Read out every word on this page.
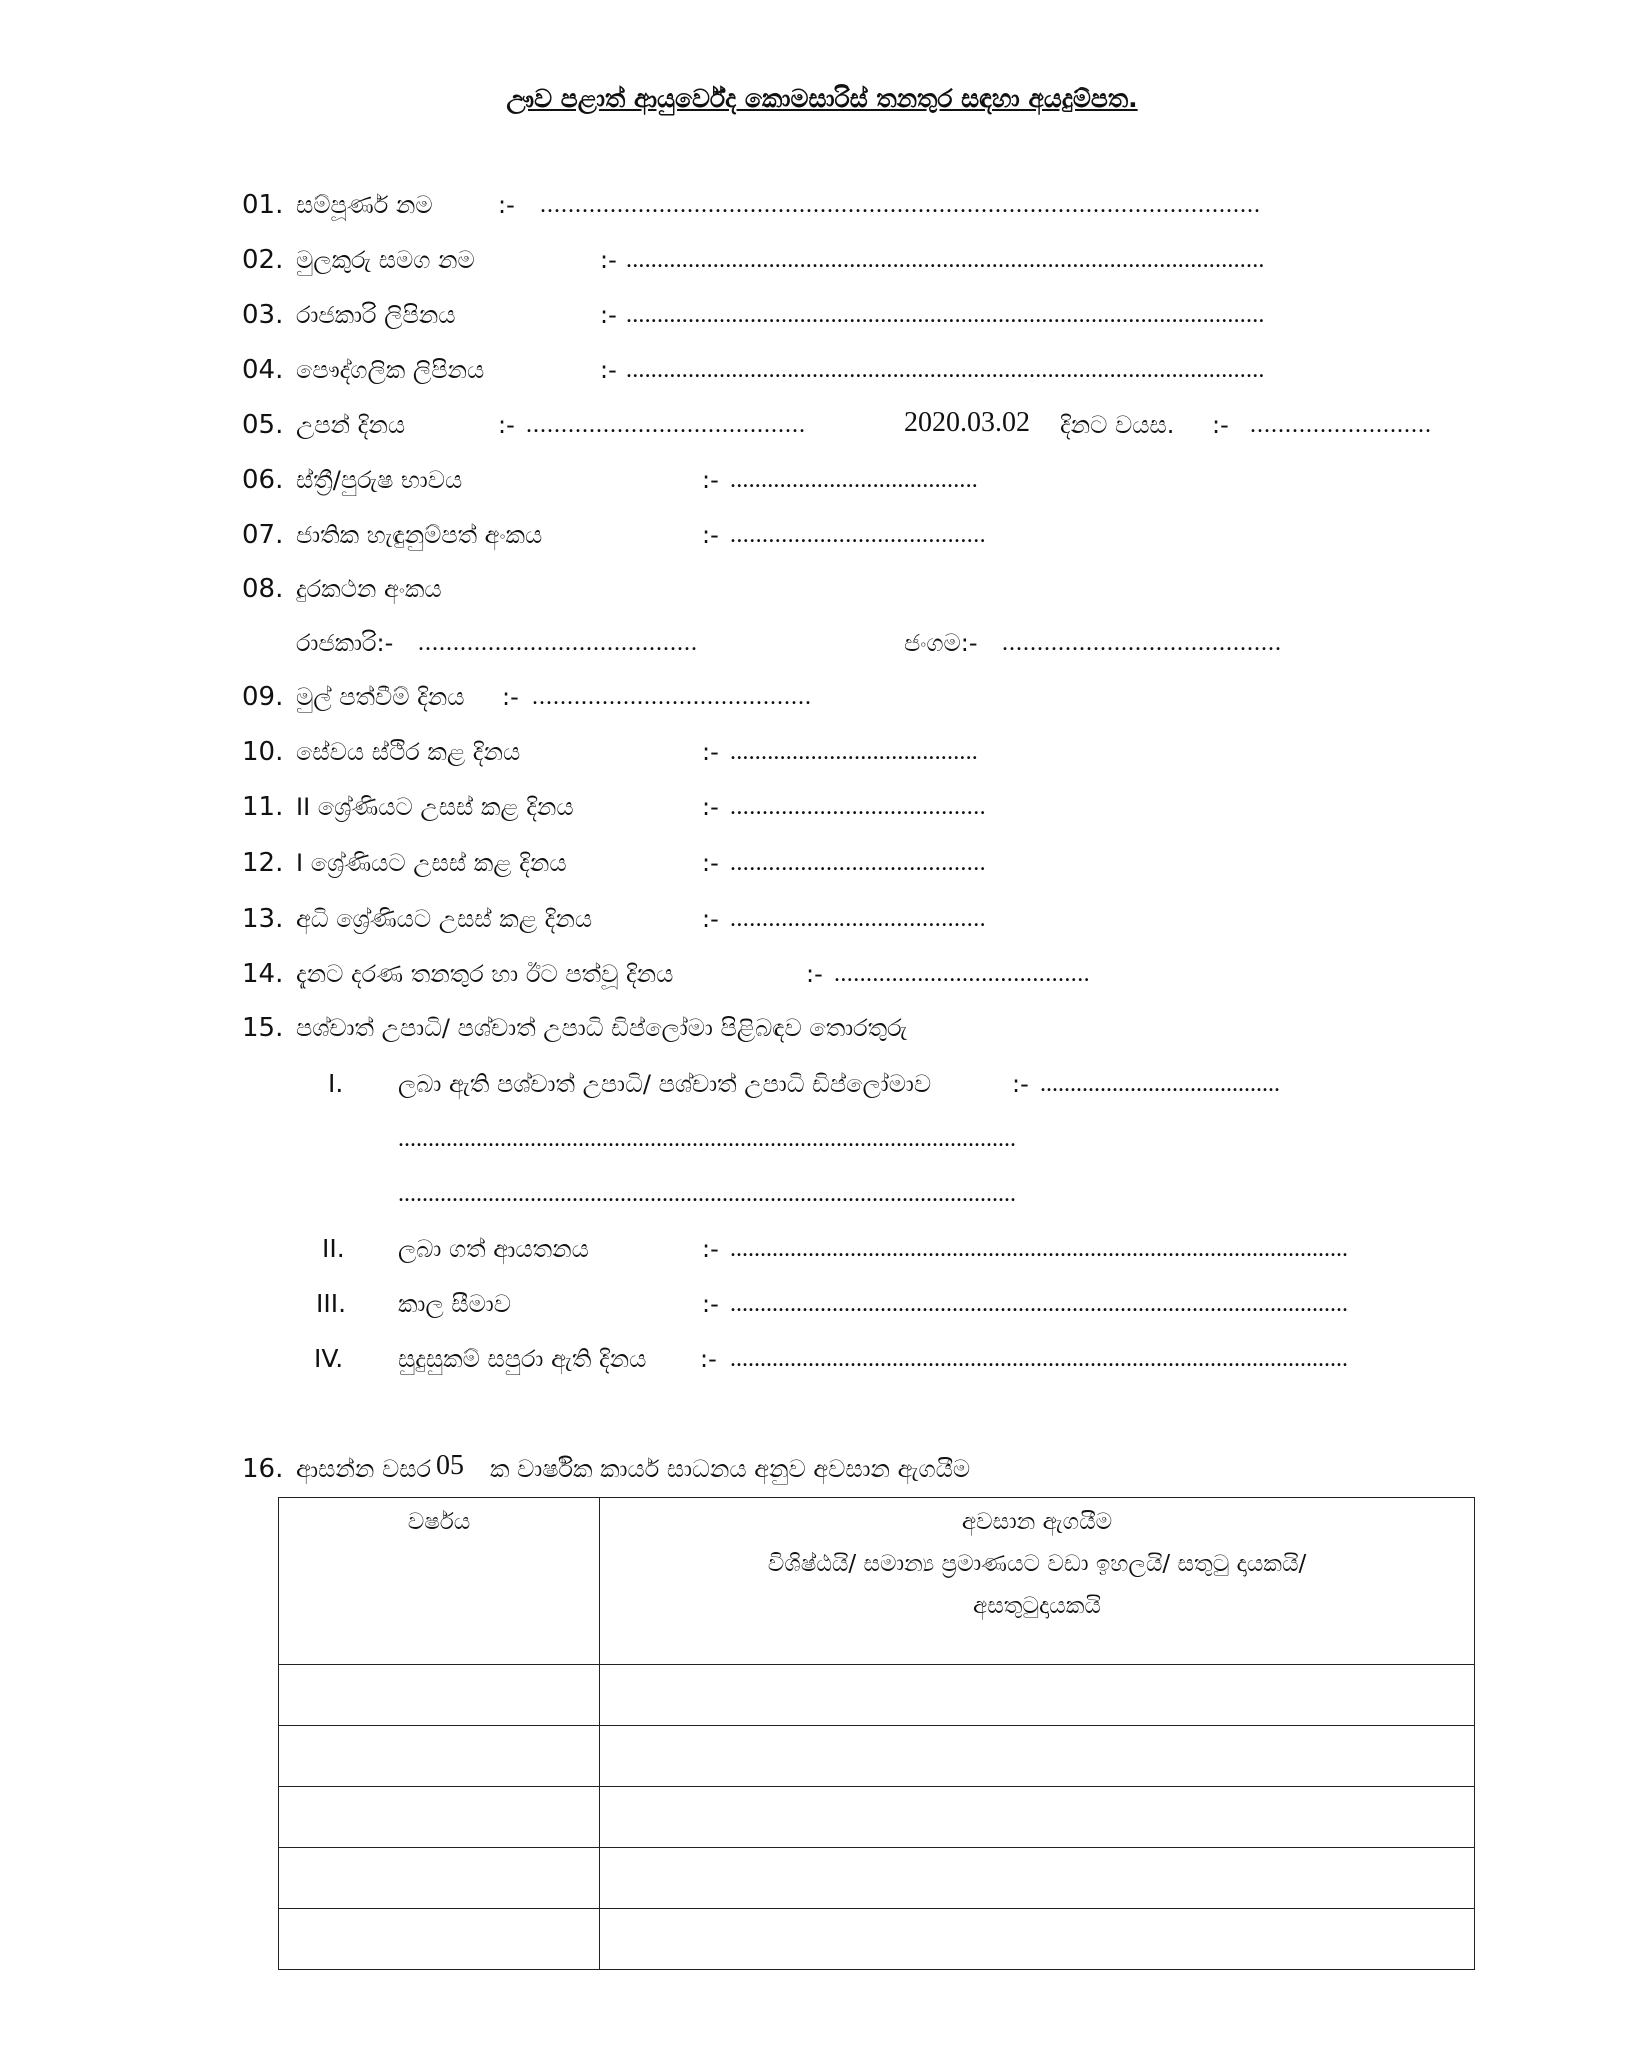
ඌව පළාත් ආයුර්වේද කොමසාරිස් තනතුර සඳහා අයදුම්පත.
01. සම්පූර්ණ නම	:- .......................................................................................................
02. මුලකුරු සමග නම	:- .......................................................................................................
03. රාජකාරි ලිපිනය	:- .......................................................................................................
04. පෞද්ගලික ලිපිනය	:- .......................................................................................................
05. උපන් දිනය	:- ........................................	2020.03.02 දිනට වයස. :- ..........................
06. ස්ත්‍රී/පුරුෂ භාවය	:- ........................................
07. ජාතික හැඳුනුම්පත් අංකය	:- ........................................
08. දුරකථන අංකය
රාජකාරි:- ........................................	ජංගම:- ........................................
09. මුල් පත්වීම් දිනය :- ........................................
10. සේවය ස්ථිර කළ දිනය	:- ........................................
11. II ශ්‍රේණියට උසස් කළ දිනය	:- ........................................
12. I ශ්‍රේණියට උසස් කළ දිනය	:- ........................................
13. අධි ශ්‍රේණියට උසස් කළ දිනය	:- ........................................
14. දැනට දරණ තනතුර හා ඊට පත්වූ දිනය	:- ........................................
15. පශ්චාත් උපාධි/ පශ්චාත් උපාධි ඩිප්ලෝමා පිළිබඳව තොරතුරු
I. ලබා ඇති පශ්චාත් උපාධි/ පශ්චාත් උපාධි ඩිප්ලෝමාව	:- ........................................
.......................................................................................................
.......................................................................................................
II. ලබා ගත් ආයතනය	:- .......................................................................................................
III. කාල සීමාව	:- .......................................................................................................
IV. සුදුසුකම් සපුරා ඇති දිනය :- .......................................................................................................
16. ආසන්න වසර 05 ක වාර්ෂික කාර්ය සාධනය අනුව අවසාන ඇගයීම
වර්ෂය	අවසාන ඇගයීම
විශිෂ්ඨයි/ සමාන්‍ය ප්‍රමාණයට වඩා ඉහලයි/ සතුටු දායකයි/
අසතුටුදායකයි
